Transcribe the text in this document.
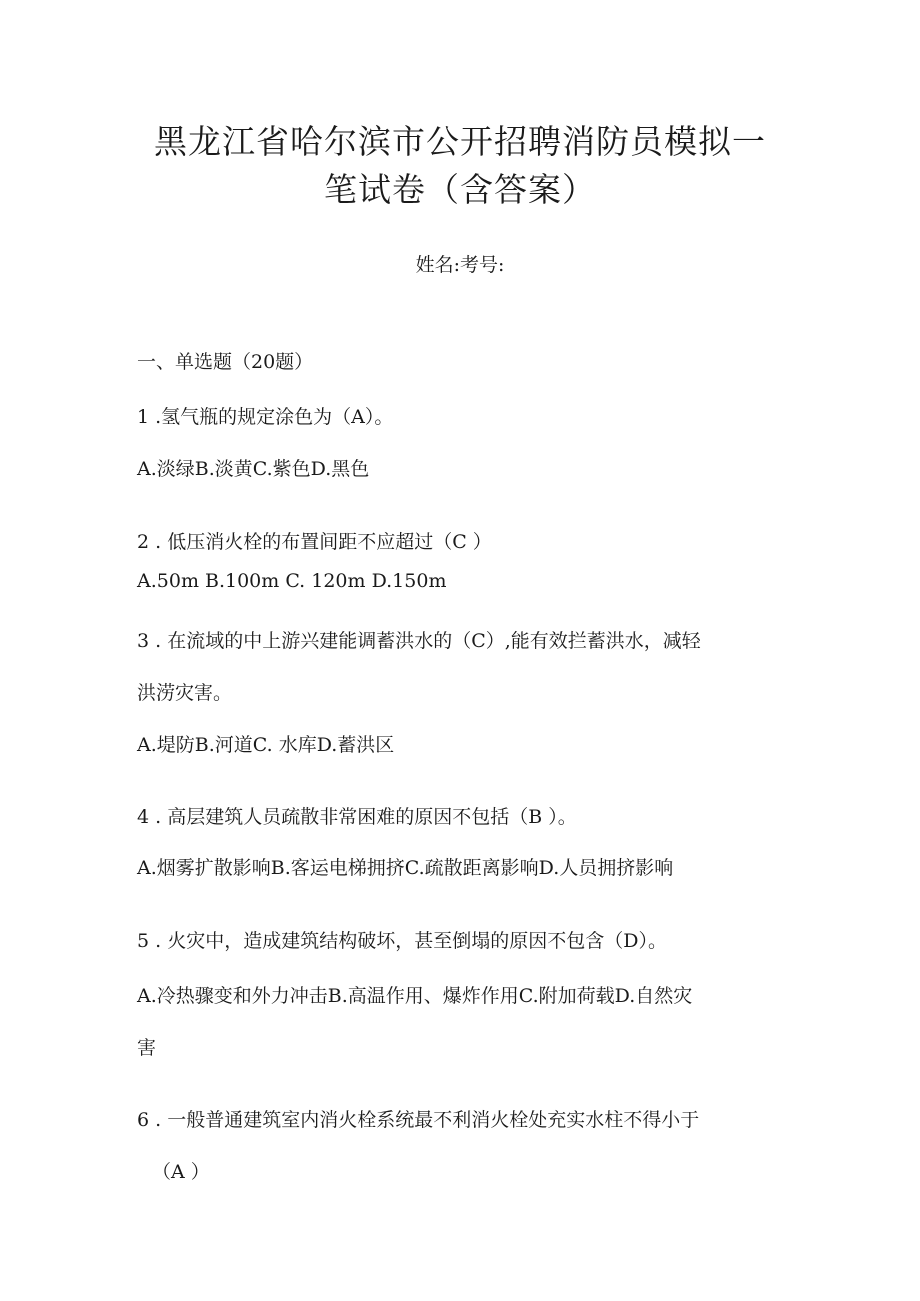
黑龙江省哈尔滨市公开招聘消防员模拟一
笔试卷（含答案）
姓名:考号:
一、单选题（20题）
1 .氢气瓶的规定涂色为（A）。
A.淡绿B.淡黄C.紫色D.黑色
2 . 低压消火栓的布置间距不应超过（C ）
A.50m B.100m C. 120m D.150m
3 . 在流域的中上游兴建能调蓄洪水的（C）,能有效拦蓄洪水，减轻
洪涝灾害。
A.堤防B.河道C. 水库D.蓄洪区
4 . 高层建筑人员疏散非常困难的原因不包括（B ）。
A.烟雾扩散影响B.客运电梯拥挤C.疏散距离影响D.人员拥挤影响
5 . 火灾中，造成建筑结构破坏，甚至倒塌的原因不包含（D）。
A.冷热骤变和外力冲击B.高温作用、爆炸作用C.附加荷载D.自然灾
害
6 . 一般普通建筑室内消火栓系统最不利消火栓处充实水柱不得小于
（A ）
